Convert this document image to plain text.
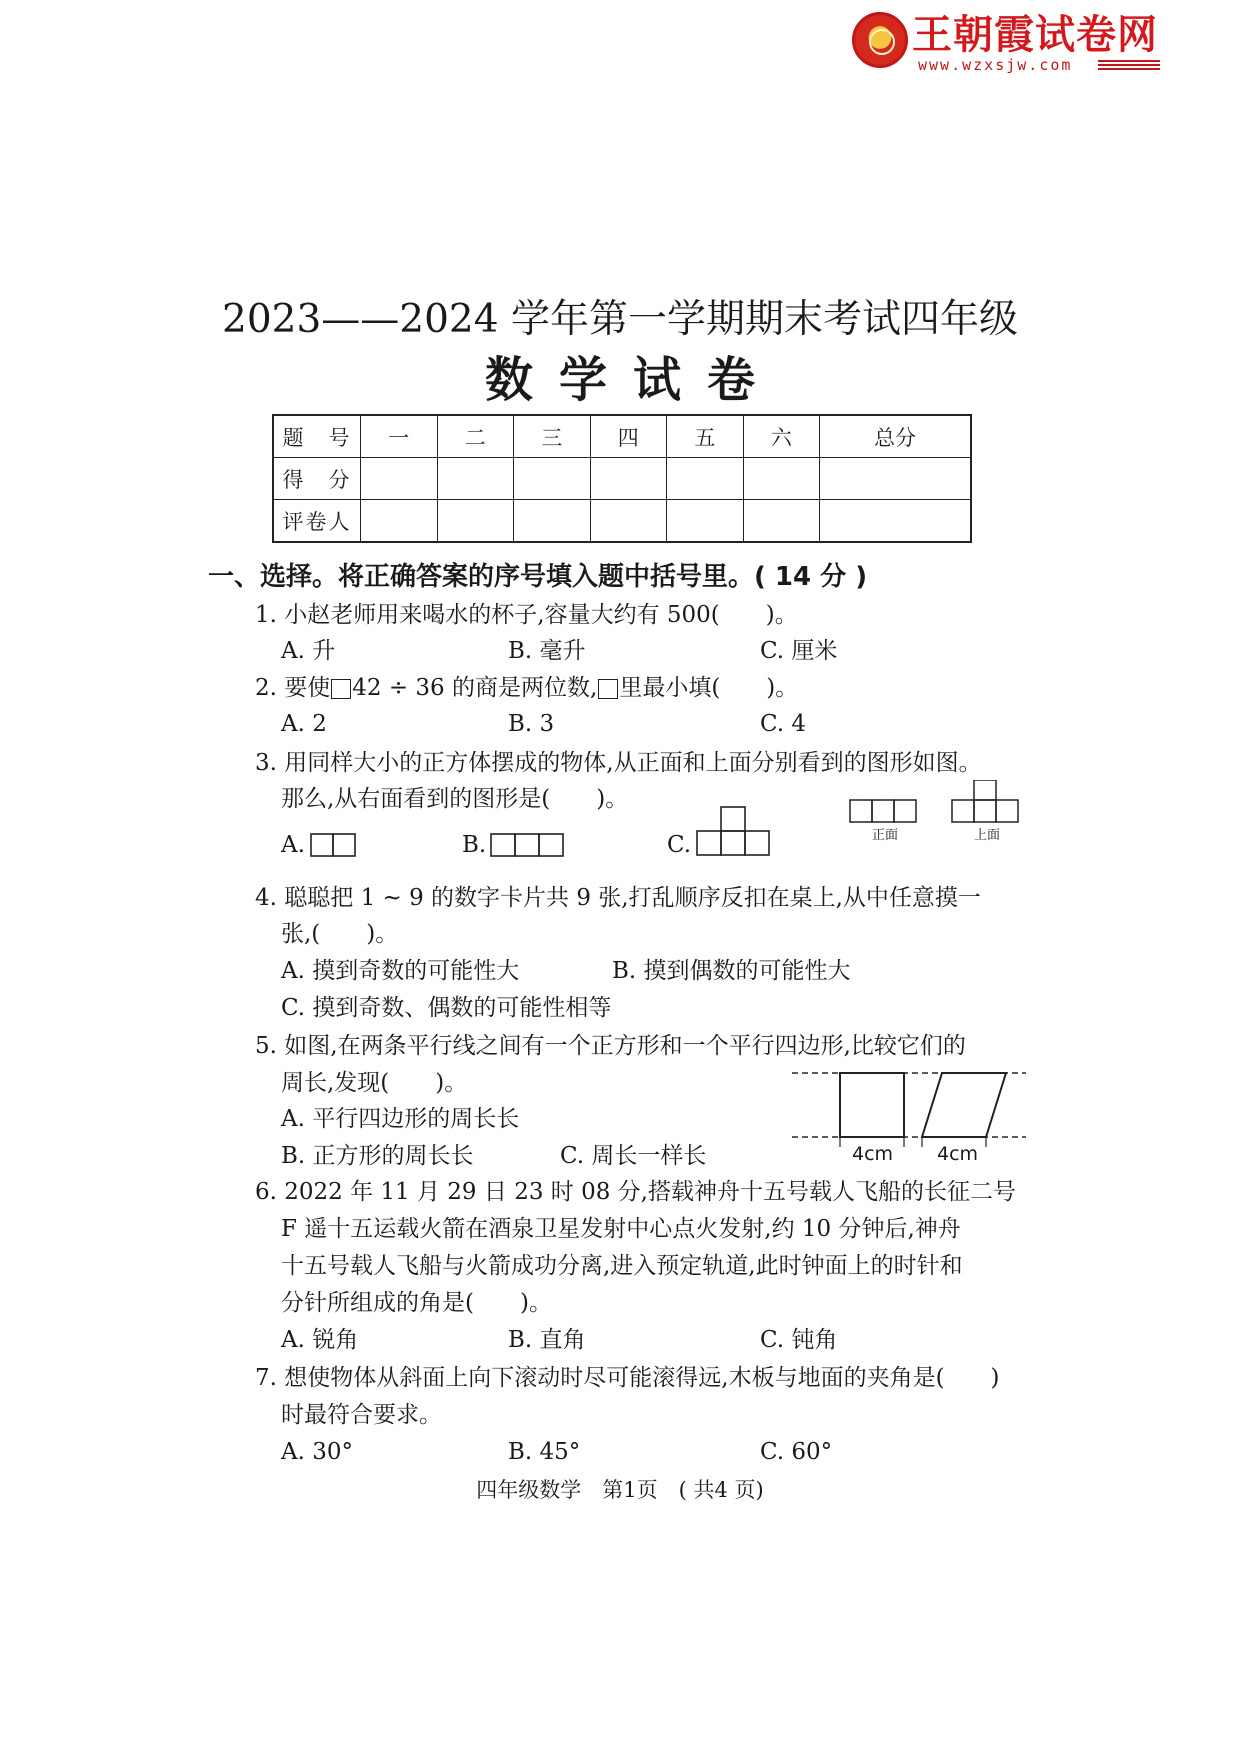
王朝霞试卷网
www.wzxsjw.com
2023——2024 学年第一学期期末考试四年级
数学试卷
题　号	一	二	三	四	五	六	总分
得　分							
评卷人							
一、选择。将正确答案的序号填入题中括号里。( 14 分 )
1. 小赵老师用来喝水的杯子,容量大约有 500(　　)。
A. 升	B. 毫升	C. 厘米
2. 要使 42 ÷ 36 的商是两位数, 里最小填(　　)。
A. 2	B. 3	C. 4
3. 用同样大小的正方体摆成的物体,从正面和上面分别看到的图形如图。
那么,从右面看到的图形是(　　)。
A.	B.	C.	正面	上面
4. 聪聪把 1 ~ 9 的数字卡片共 9 张,打乱顺序反扣在桌上,从中任意摸一
张,(　　)。
A. 摸到奇数的可能性大	B. 摸到偶数的可能性大
C. 摸到奇数、偶数的可能性相等
5. 如图,在两条平行线之间有一个正方形和一个平行四边形,比较它们的
周长,发现(　　)。
A. 平行四边形的周长长
B. 正方形的周长长	C. 周长一样长	4cm 4cm
6. 2022 年 11 月 29 日 23 时 08 分,搭载神舟十五号载人飞船的长征二号
F 遥十五运载火箭在酒泉卫星发射中心点火发射,约 10 分钟后,神舟
十五号载人飞船与火箭成功分离,进入预定轨道,此时钟面上的时针和
分针所组成的角是(　　)。
A. 锐角	B. 直角	C. 钝角
7. 想使物体从斜面上向下滚动时尽可能滚得远,木板与地面的夹角是(　　)
时最符合要求。
A. 30°	B. 45°	C. 60°
四年级数学　第1页　( 共4 页)
